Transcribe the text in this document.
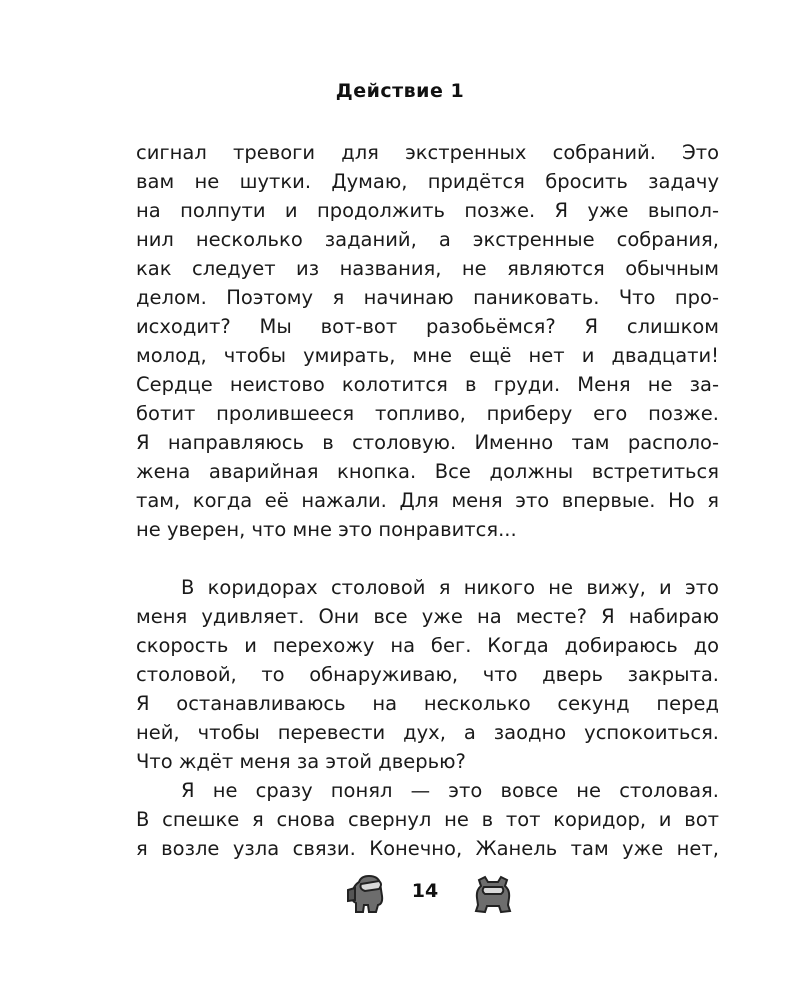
Действие 1

сигнал тревоги для экстренных собраний. Это
вам не шутки. Думаю, придётся бросить задачу
на полпути и продолжить позже. Я уже выпол-
нил несколько заданий, а экстренные собрания,
как следует из названия, не являются обычным
делом. Поэтому я начинаю паниковать. Что про-
исходит? Мы вот-вот разобьёмся? Я слишком
молод, чтобы умирать, мне ещё нет и двадцати!
Сердце неистово колотится в груди. Меня не за-
ботит пролившееся топливо, приберу его позже.
Я направляюсь в столовую. Именно там располо-
жена аварийная кнопка. Все должны встретиться
там, когда её нажали. Для меня это впервые. Но я
не уверен, что мне это понравится...

В коридорах столовой я никого не вижу, и это
меня удивляет. Они все уже на месте? Я набираю
скорость и перехожу на бег. Когда добираюсь до
столовой, то обнаруживаю, что дверь закрыта.
Я останавливаюсь на несколько секунд перед
ней, чтобы перевести дух, а заодно успокоиться.
Что ждёт меня за этой дверью?

Я не сразу понял — это вовсе не столовая.
В спешке я снова свернул не в тот коридор, и вот
я возле узла связи. Конечно, Жанель там уже нет,

14
